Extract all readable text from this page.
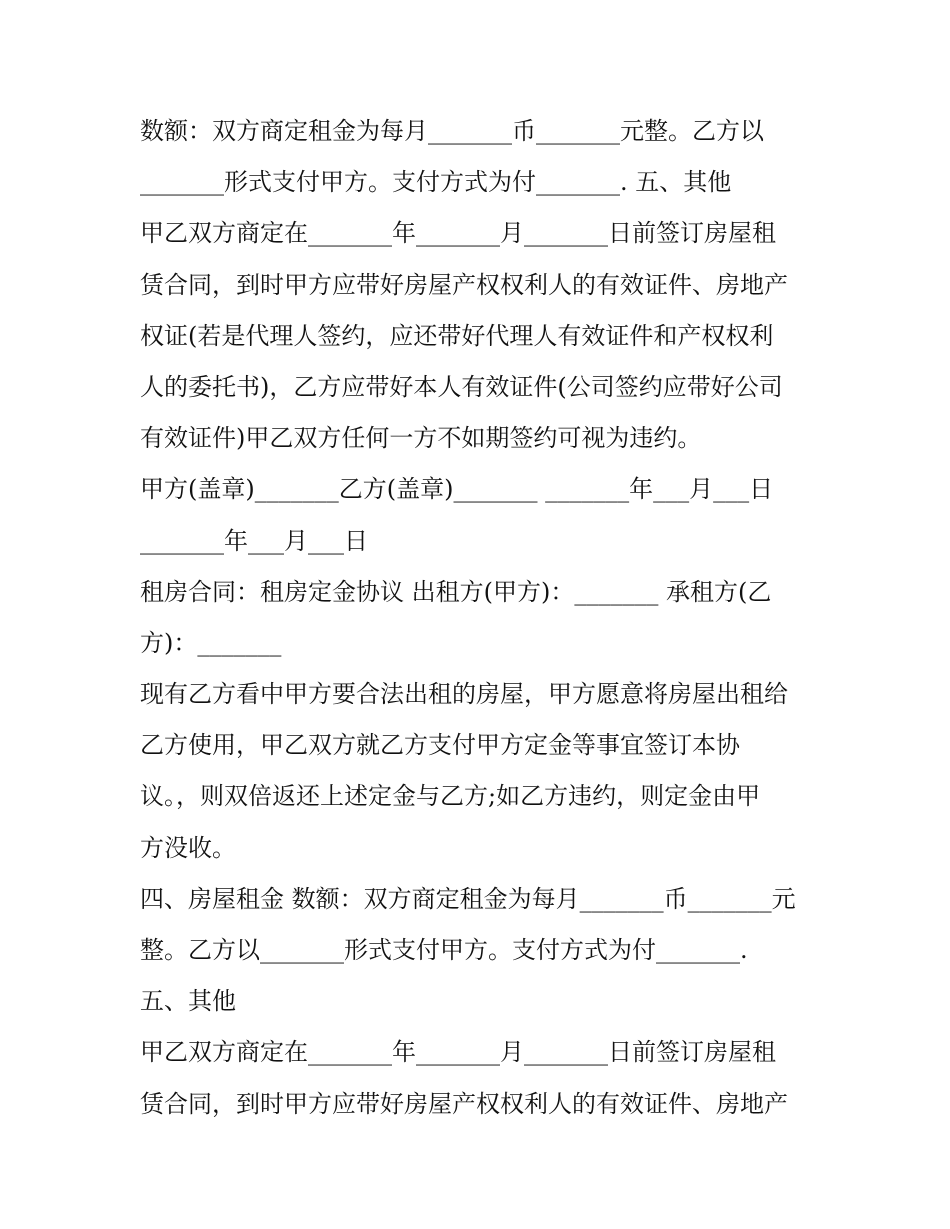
数额：双方商定租金为每月_______币_______元整。乙方以
_______形式支付甲方。支付方式为付_______. 五、其他
甲乙双方商定在_______年_______月_______日前签订房屋租
赁合同，到时甲方应带好房屋产权权利人的有效证件、房地产
权证(若是代理人签约，应还带好代理人有效证件和产权权利
人的委托书)，乙方应带好本人有效证件(公司签约应带好公司
有效证件)甲乙双方任何一方不如期签约可视为违约。
甲方(盖章)_______乙方(盖章)_______ _______年___月___日
_______年___月___日
租房合同：租房定金协议 出租方(甲方)：_______ 承租方(乙
方)：_______
现有乙方看中甲方要合法出租的房屋，甲方愿意将房屋出租给
乙方使用，甲乙双方就乙方支付甲方定金等事宜签订本协
议。，则双倍返还上述定金与乙方;如乙方违约，则定金由甲
方没收。
四、房屋租金 数额：双方商定租金为每月_______币_______元
整。乙方以_______形式支付甲方。支付方式为付_______.
五、其他
甲乙双方商定在_______年_______月_______日前签订房屋租
赁合同，到时甲方应带好房屋产权权利人的有效证件、房地产
